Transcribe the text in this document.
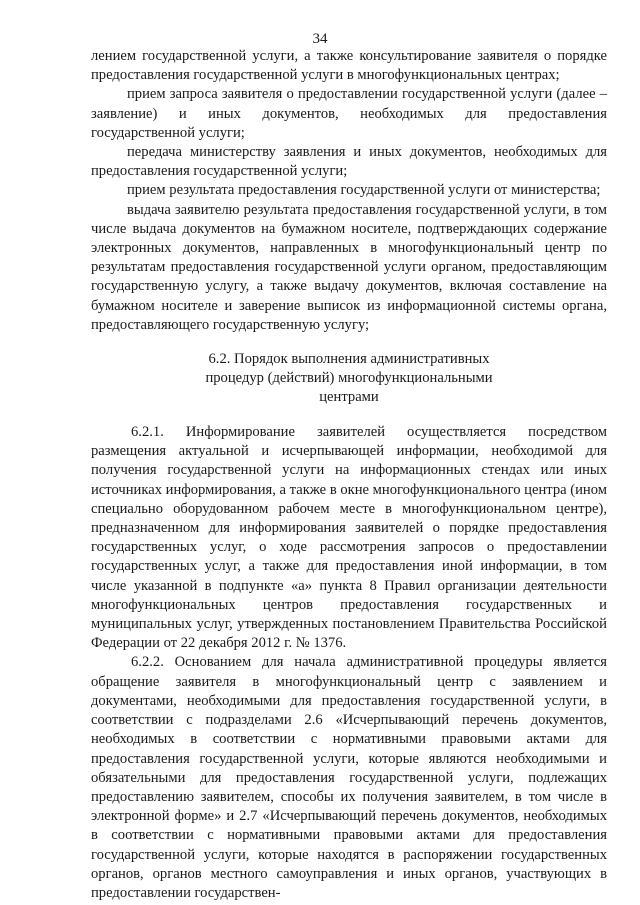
34

лением государственной услуги, а также консультирование заявителя о порядке предоставления государственной услуги в многофункциональных центрах;

прием запроса заявителя о предоставлении государственной услуги (далее – заявление) и иных документов, необходимых для предоставления государственной услуги;

передача министерству заявления и иных документов, необходимых для предоставления государственной услуги;

прием результата предоставления государственной услуги от министерства;

выдача заявителю результата предоставления государственной услуги, в том числе выдача документов на бумажном носителе, подтверждающих содержание электронных документов, направленных в многофункциональный центр по результатам предоставления государственной услуги органом, предоставляющим государственную услугу, а также выдачу документов, включая составление на бумажном носителе и заверение выписок из информационной системы органа, предоставляющего государственную услугу;

6.2. Порядок выполнения административных
процедур (действий) многофункциональными
центрами

6.2.1. Информирование заявителей осуществляется посредством размещения актуальной и исчерпывающей информации, необходимой для получения государственной услуги на информационных стендах или иных источниках информирования, а также в окне многофункционального центра (ином специально оборудованном рабочем месте в многофункциональном центре), предназначенном для информирования заявителей о порядке предоставления государственных услуг, о ходе рассмотрения запросов о предоставлении государственных услуг, а также для предоставления иной информации, в том числе указанной в подпункте «а» пункта 8 Правил организации деятельности многофункциональных центров предоставления государственных и муниципальных услуг, утвержденных постановлением Правительства Российской Федерации от 22 декабря 2012 г. № 1376.

6.2.2. Основанием для начала административной процедуры является обращение заявителя в многофункциональный центр с заявлением и документами, необходимыми для предоставления государственной услуги, в соответствии с подразделами 2.6 «Исчерпывающий перечень документов, необходимых в соответствии с нормативными правовыми актами для предоставления государственной услуги, которые являются необходимыми и обязательными для предоставления государственной услуги, подлежащих предоставлению заявителем, способы их получения заявителем, в том числе в электронной форме» и 2.7 «Исчерпывающий перечень документов, необходимых в соответствии с нормативными правовыми актами для предоставления государственной услуги, которые находятся в распоряжении государственных органов, органов местного самоуправления и иных органов, участвующих в предоставлении государствен-
